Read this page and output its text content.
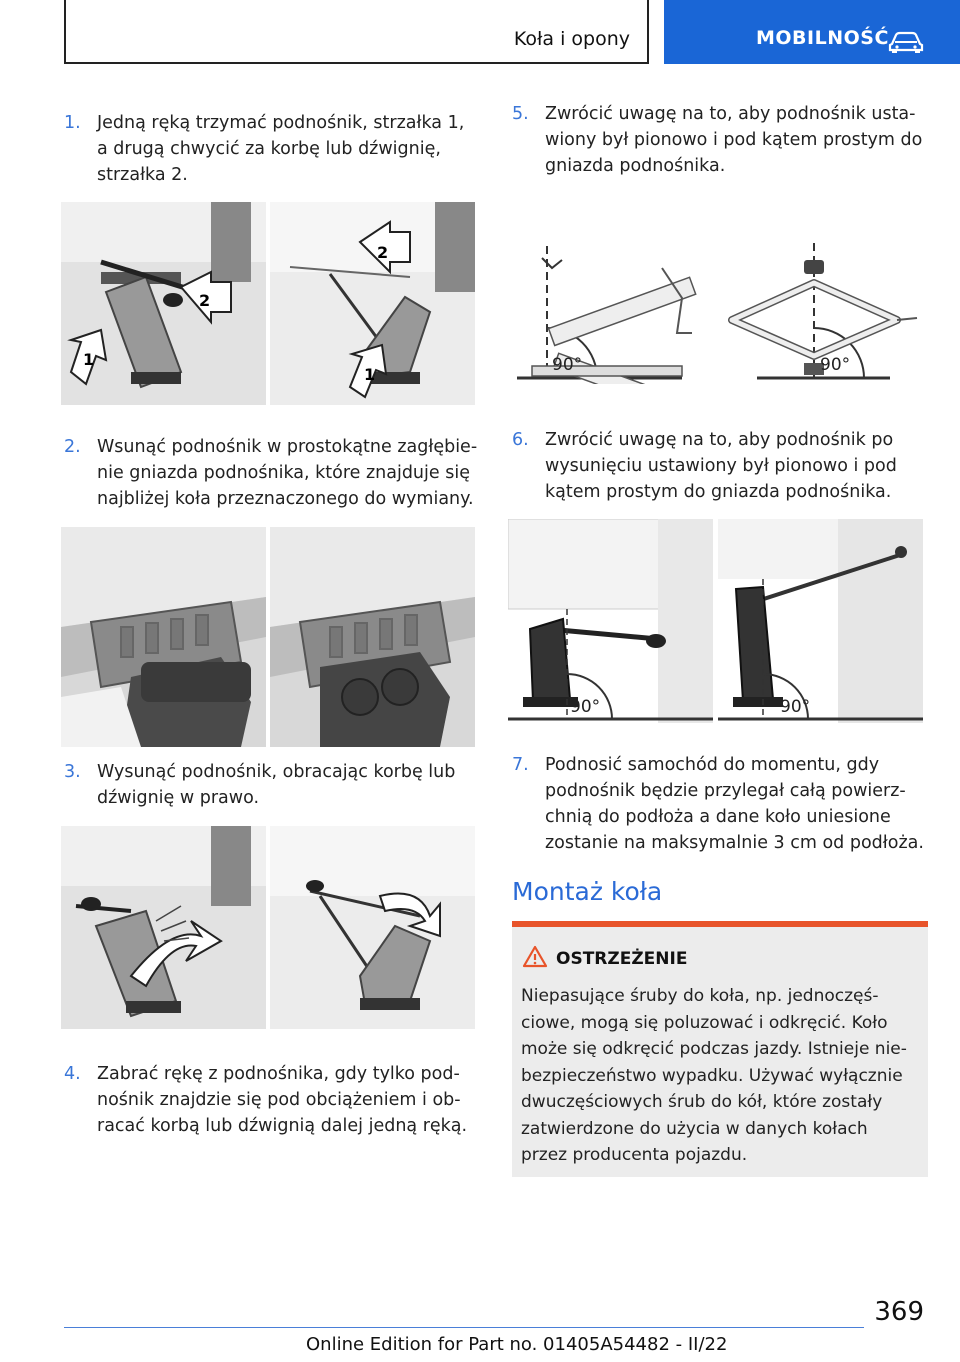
Koła i opony	MOBILNOŚĆ
1. Jedną ręką trzymać podnośnik, strzałka 1,
a drugą chwycić za korbę lub dźwignię,
strzałka 2.
2
1
2
1
2. Wsunąć podnośnik w prostokątne zagłębie‐
nie gniazda podnośnika, które znajduje się
najbliżej koła przeznaczonego do wymiany.
3. Wysunąć podnośnik, obracając korbę lub
dźwignię w prawo.
4. Zabrać rękę z podnośnika, gdy tylko pod‐
nośnik znajdzie się pod obciążeniem i ob‐
racać korbą lub dźwignią dalej jedną ręką.
5. Zwrócić uwagę na to, aby podnośnik usta‐
wiony był pionowo i pod kątem prostym do
gniazda podnośnika.
90°	90°
6. Zwrócić uwagę na to, aby podnośnik po
wysunięciu ustawiony był pionowo i pod
kątem prostym do gniazda podnośnika.
90°	90°
7. Podnosić samochód do momentu, gdy
podnośnik będzie przylegał całą powierz‐
chnią do podłoża a dane koło uniesione
zostanie na maksymalnie 3 cm od podłoża.
Montaż koła
OSTRZEŻENIE
Niepasujące śruby do koła, np. jednoczęś‐
ciowe, mogą się poluzować i odkręcić. Koło
może się odkręcić podczas jazdy. Istnieje nie‐
bezpieczeństwo wypadku. Używać wyłącznie
dwuczęściowych śrub do kół, które zostały
zatwierdzone do użycia w danych kołach
przez producenta pojazdu.
369
Online Edition for Part no. 01405A54482 - II/22
